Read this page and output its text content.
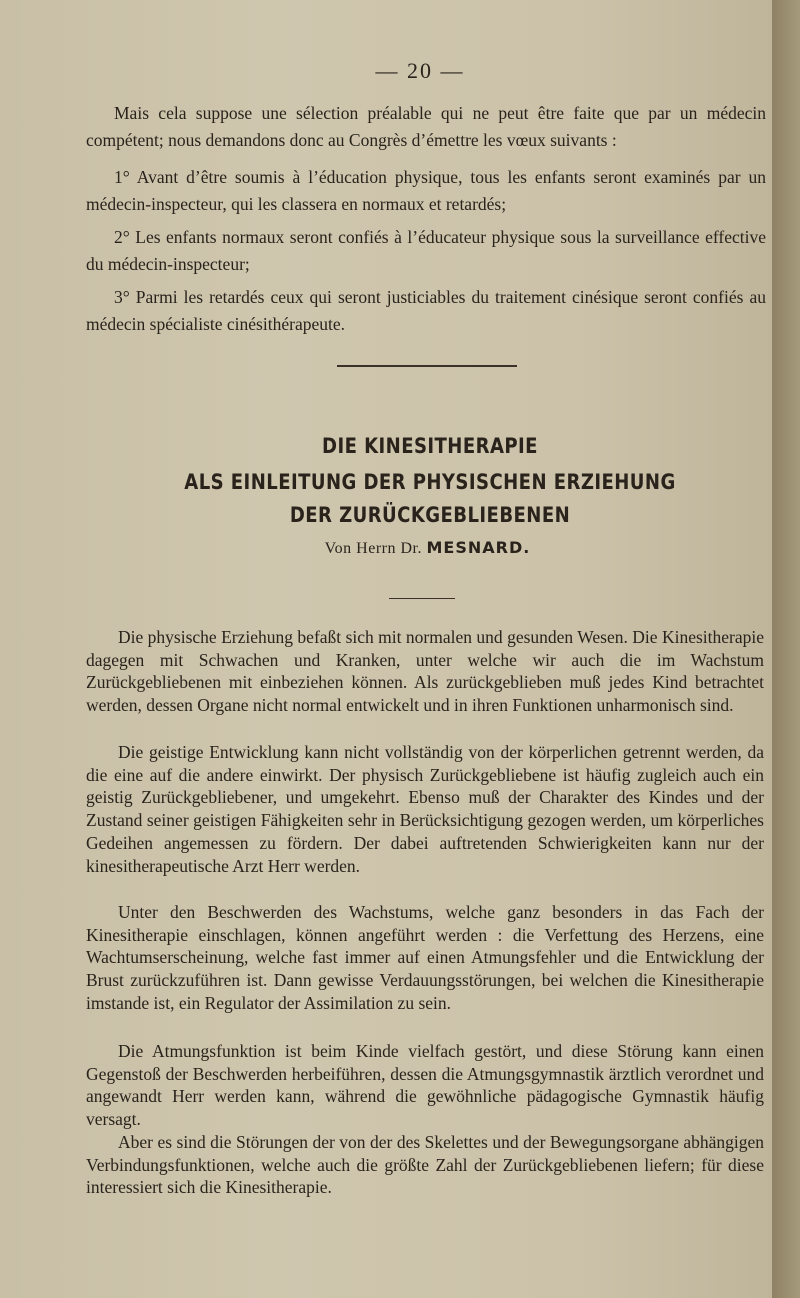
— 20 —

Mais cela suppose une sélection préalable qui ne peut être faite que par un médecin compétent; nous demandons donc au Congrès d’émettre les vœux suivants :

1° Avant d’être soumis à l’éducation physique, tous les enfants seront examinés par un médecin-inspecteur, qui les classera en normaux et retardés;

2° Les enfants normaux seront confiés à l’éducateur physique sous la surveillance effective du médecin-inspecteur;

3° Parmi les retardés ceux qui seront justiciables du traitement cinésique seront confiés au médecin spécialiste cinésithérapeute.

DIE KINESITHERAPIE
ALS EINLEITUNG DER PHYSISCHEN ERZIEHUNG
DER ZURÜCKGEBLIEBENEN
Von Herrn Dr. MESNARD.

Die physische Erziehung befaßt sich mit normalen und gesunden Wesen. Die Kinesitherapie dagegen mit Schwachen und Kranken, unter welche wir auch die im Wachstum Zurückgebliebenen mit einbeziehen können. Als zurückgeblieben muß jedes Kind betrachtet werden, dessen Organe nicht normal entwickelt und in ihren Funktionen unharmonisch sind.

Die geistige Entwicklung kann nicht vollständig von der körperlichen getrennt werden, da die eine auf die andere einwirkt. Der physisch Zurückgebliebene ist häufig zugleich auch ein geistig Zurückgebliebener, und umgekehrt. Ebenso muß der Charakter des Kindes und der Zustand seiner geistigen Fähigkeiten sehr in Berücksichtigung gezogen werden, um körperliches Gedeihen angemessen zu fördern. Der dabei auftretenden Schwierigkeiten kann nur der kinesitherapeutische Arzt Herr werden.

Unter den Beschwerden des Wachstums, welche ganz besonders in das Fach der Kinesitherapie einschlagen, können angeführt werden : die Verfettung des Herzens, eine Wachtumserscheinung, welche fast immer auf einen Atmungsfehler und die Entwicklung der Brust zurückzuführen ist. Dann gewisse Verdauungsstörungen, bei welchen die Kinesitherapie imstande ist, ein Regulator der Assimilation zu sein.

Die Atmungsfunktion ist beim Kinde vielfach gestört, und diese Störung kann einen Gegenstoß der Beschwerden herbeiführen, dessen die Atmungsgymnastik ärztlich verordnet und angewandt Herr werden kann, während die gewöhnliche pädagogische Gymnastik häufig versagt.

Aber es sind die Störungen der von der des Skelettes und der Bewegungsorgane abhängigen Verbindungsfunktionen, welche auch die größte Zahl der Zurückgebliebenen liefern; für diese interessiert sich die Kinesitherapie.
